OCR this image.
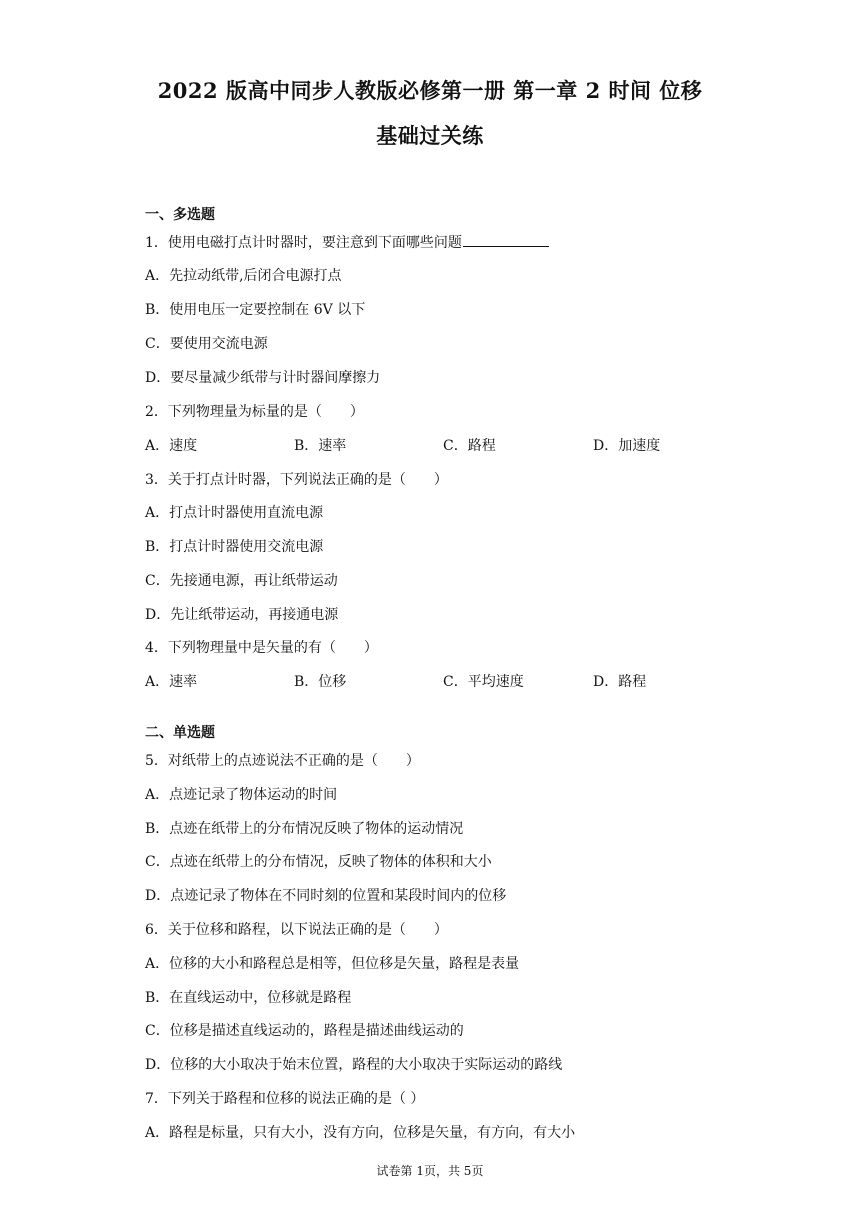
2022 版高中同步人教版必修第一册 第一章 2 时间 位移
基础过关练
一、多选题
1．使用电磁打点计时器时，要注意到下面哪些问题
A．先拉动纸带,后闭合电源打点
B．使用电压一定要控制在 6V 以下
C．要使用交流电源
D．要尽量减少纸带与计时器间摩擦力
2．下列物理量为标量的是（　　）
A．速度	B．速率	C．路程	D．加速度
3．关于打点计时器，下列说法正确的是（　　）
A．打点计时器使用直流电源
B．打点计时器使用交流电源
C．先接通电源，再让纸带运动
D．先让纸带运动，再接通电源
4．下列物理量中是矢量的有（　　）
A．速率	B．位移	C．平均速度	D．路程
二、单选题
5．对纸带上的点迹说法不正确的是（　　）
A．点迹记录了物体运动的时间
B．点迹在纸带上的分布情况反映了物体的运动情况
C．点迹在纸带上的分布情况，反映了物体的体积和大小
D．点迹记录了物体在不同时刻的位置和某段时间内的位移
6．关于位移和路程，以下说法正确的是（　　）
A．位移的大小和路程总是相等，但位移是矢量，路程是表量
B．在直线运动中，位移就是路程
C．位移是描述直线运动的，路程是描述曲线运动的
D．位移的大小取决于始末位置，路程的大小取决于实际运动的路线
7．下列关于路程和位移的说法正确的是（ ）
A．路程是标量，只有大小，没有方向，位移是矢量，有方向，有大小
试卷第 1页，共 5页
